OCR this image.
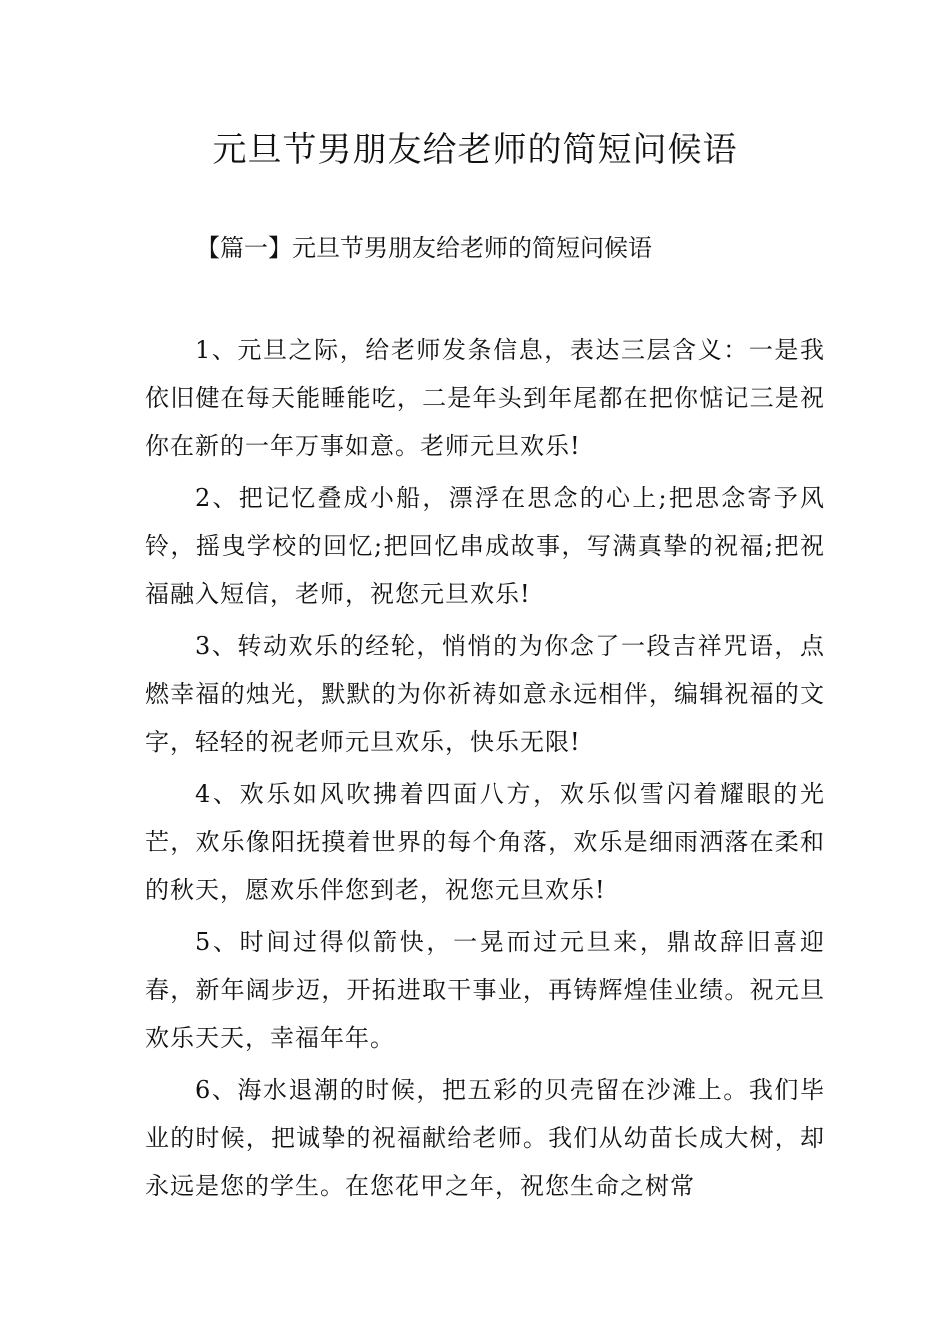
元旦节男朋友给老师的简短问候语

【篇一】元旦节男朋友给老师的简短问候语

1、元旦之际，给老师发条信息，表达三层含义：一是我依旧健在每天能睡能吃，二是年头到年尾都在把你惦记三是祝你在新的一年万事如意。老师元旦欢乐!

2、把记忆叠成小船，漂浮在思念的心上;把思念寄予风铃，摇曳学校的回忆;把回忆串成故事，写满真挚的祝福;把祝福融入短信，老师，祝您元旦欢乐!

3、转动欢乐的经轮，悄悄的为你念了一段吉祥咒语，点燃幸福的烛光，默默的为你祈祷如意永远相伴，编辑祝福的文字，轻轻的祝老师元旦欢乐，快乐无限!

4、欢乐如风吹拂着四面八方，欢乐似雪闪着耀眼的光芒，欢乐像阳抚摸着世界的每个角落，欢乐是细雨洒落在柔和的秋天，愿欢乐伴您到老，祝您元旦欢乐!

5、时间过得似箭快，一晃而过元旦来，鼎故辞旧喜迎春，新年阔步迈，开拓进取干事业，再铸辉煌佳业绩。祝元旦欢乐天天，幸福年年。

6、海水退潮的时候，把五彩的贝壳留在沙滩上。我们毕业的时候，把诚挚的祝福献给老师。我们从幼苗长成大树，却永远是您的学生。在您花甲之年，祝您生命之树常
